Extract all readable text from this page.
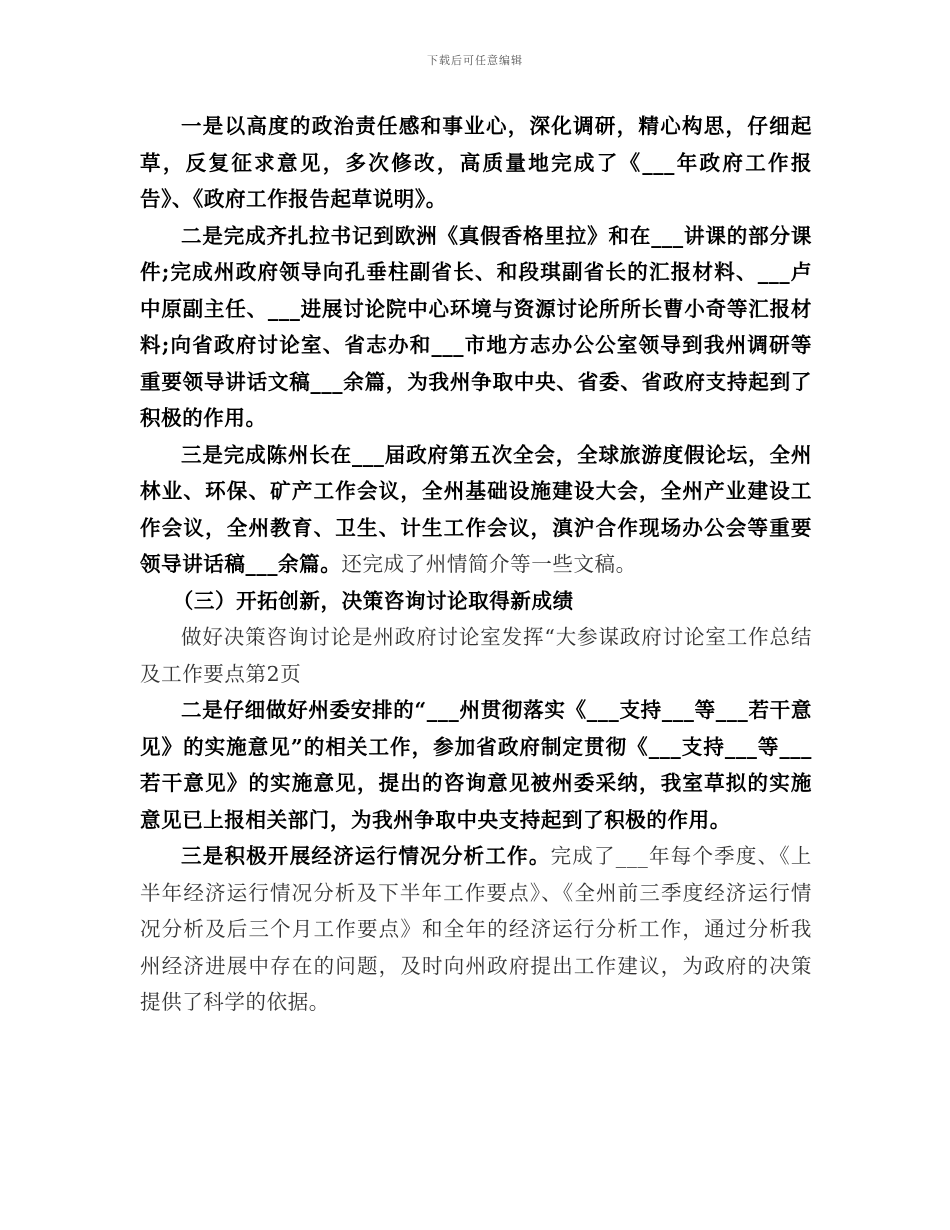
下载后可任意编辑

一是以高度的政治责任感和事业心，深化调研，精心构思，仔细起草，反复征求意见，多次修改，高质量地完成了《___年政府工作报告》、《政府工作报告起草说明》。

二是完成齐扎拉书记到欧洲《真假香格里拉》和在___讲课的部分课件;完成州政府领导向孔垂柱副省长、和段琪副省长的汇报材料、___卢中原副主任、___进展讨论院中心环境与资源讨论所所长曹小奇等汇报材料;向省政府讨论室、省志办和___市地方志办公公室领导到我州调研等重要领导讲话文稿___余篇，为我州争取中央、省委、省政府支持起到了积极的作用。

三是完成陈州长在___届政府第五次全会，全球旅游度假论坛，全州林业、环保、矿产工作会议，全州基础设施建设大会，全州产业建设工作会议，全州教育、卫生、计生工作会议，滇沪合作现场办公会等重要领导讲话稿___余篇。还完成了州情简介等一些文稿。

（三）开拓创新，决策咨询讨论取得新成绩

做好决策咨询讨论是州政府讨论室发挥“大参谋政府讨论室工作总结及工作要点第2页

二是仔细做好州委安排的“___州贯彻落实《___支持___等___若干意见》的实施意见”的相关工作，参加省政府制定贯彻《___支持___等___若干意见》的实施意见，提出的咨询意见被州委采纳，我室草拟的实施意见已上报相关部门，为我州争取中央支持起到了积极的作用。

三是积极开展经济运行情况分析工作。完成了___年每个季度、《上半年经济运行情况分析及下半年工作要点》、《全州前三季度经济运行情况分析及后三个月工作要点》和全年的经济运行分析工作，通过分析我州经济进展中存在的问题，及时向州政府提出工作建议，为政府的决策提供了科学的依据。
